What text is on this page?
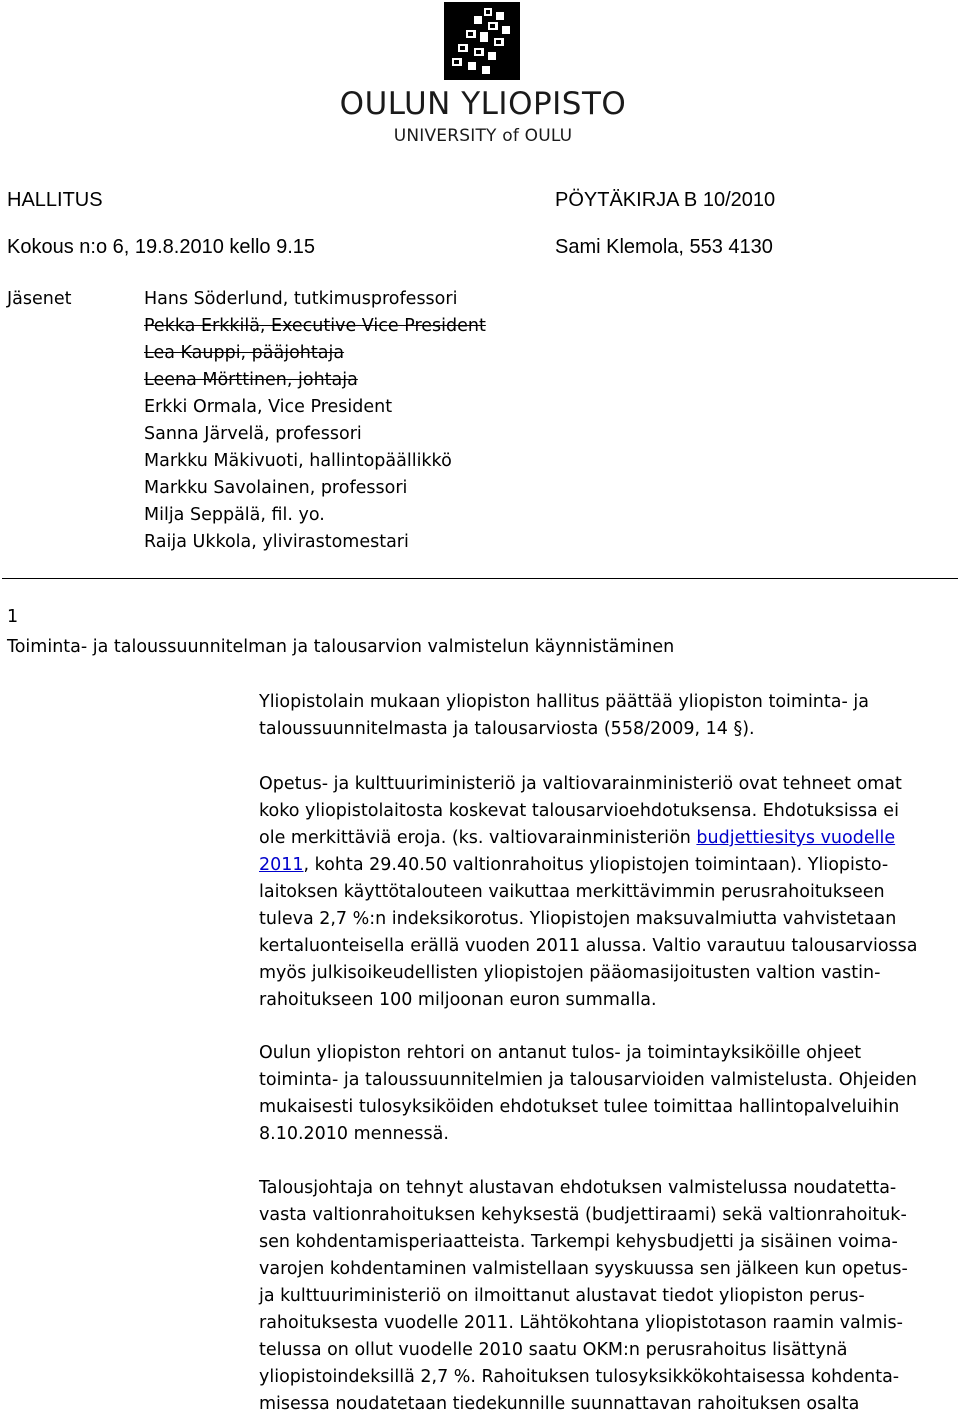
OULUN YLIOPISTO
UNIVERSITY of OULU
HALLITUS	PÖYTÄKIRJA B 10/2010
Kokous n:o 6, 19.8.2010 kello 9.15	Sami Klemola, 553 4130
Jäsenet	Hans Söderlund, tutkimusprofessori
Pekka Erkkilä, Executive Vice President
Lea Kauppi, pääjohtaja
Leena Mörttinen, johtaja
Erkki Ormala, Vice President
Sanna Järvelä, professori
Markku Mäkivuoti, hallintopäällikkö
Markku Savolainen, professori
Milja Seppälä, fil. yo.
Raija Ukkola, ylivirastomestari
1
Toiminta- ja taloussuunnitelman ja talousarvion valmistelun käynnistäminen

Yliopistolain mukaan yliopiston hallitus päättää yliopiston toiminta- ja
taloussuunnitelmasta ja talousarviosta (558/2009, 14 §).

Opetus- ja kulttuuriministeriö ja valtiovarainministeriö ovat tehneet omat
koko yliopistolaitosta koskevat talousarvioehdotuksensa. Ehdotuksissa ei
ole merkittäviä eroja. (ks. valtiovarainministeriön budjettiesitys vuodelle
2011, kohta 29.40.50 valtionrahoitus yliopistojen toimintaan). Yliopisto-
laitoksen käyttötalouteen vaikuttaa merkittävimmin perusrahoitukseen
tuleva 2,7 %:n indeksikorotus. Yliopistojen maksuvalmiutta vahvistetaan
kertaluonteisella erällä vuoden 2011 alussa. Valtio varautuu talousarviossa
myös julkisoikeudellisten yliopistojen pääomasijoitusten valtion vastin-
rahoitukseen 100 miljoonan euron summalla.

Oulun yliopiston rehtori on antanut tulos- ja toimintayksiköille ohjeet
toiminta- ja taloussuunnitelmien ja talousarvioiden valmistelusta. Ohjeiden
mukaisesti tulosyksiköiden ehdotukset tulee toimittaa hallintopalveluihin
8.10.2010 mennessä.

Talousjohtaja on tehnyt alustavan ehdotuksen valmistelussa noudatetta-
vasta valtionrahoituksen kehyksestä (budjettiraami) sekä valtionrahoituk-
sen kohdentamisperiaatteista. Tarkempi kehysbudjetti ja sisäinen voima-
varojen kohdentaminen valmistellaan syyskuussa sen jälkeen kun opetus-
ja kulttuuriministeriö on ilmoittanut alustavat tiedot yliopiston perus-
rahoituksesta vuodelle 2011. Lähtökohtana yliopistotason raamin valmis-
telussa on ollut vuodelle 2010 saatu OKM:n perusrahoitus lisättynä
yliopistoindeksillä 2,7 %. Rahoituksen tulosyksikkökohtaisessa kohdenta-
misessa noudatetaan tiedekunnille suunnattavan rahoituksen osalta
